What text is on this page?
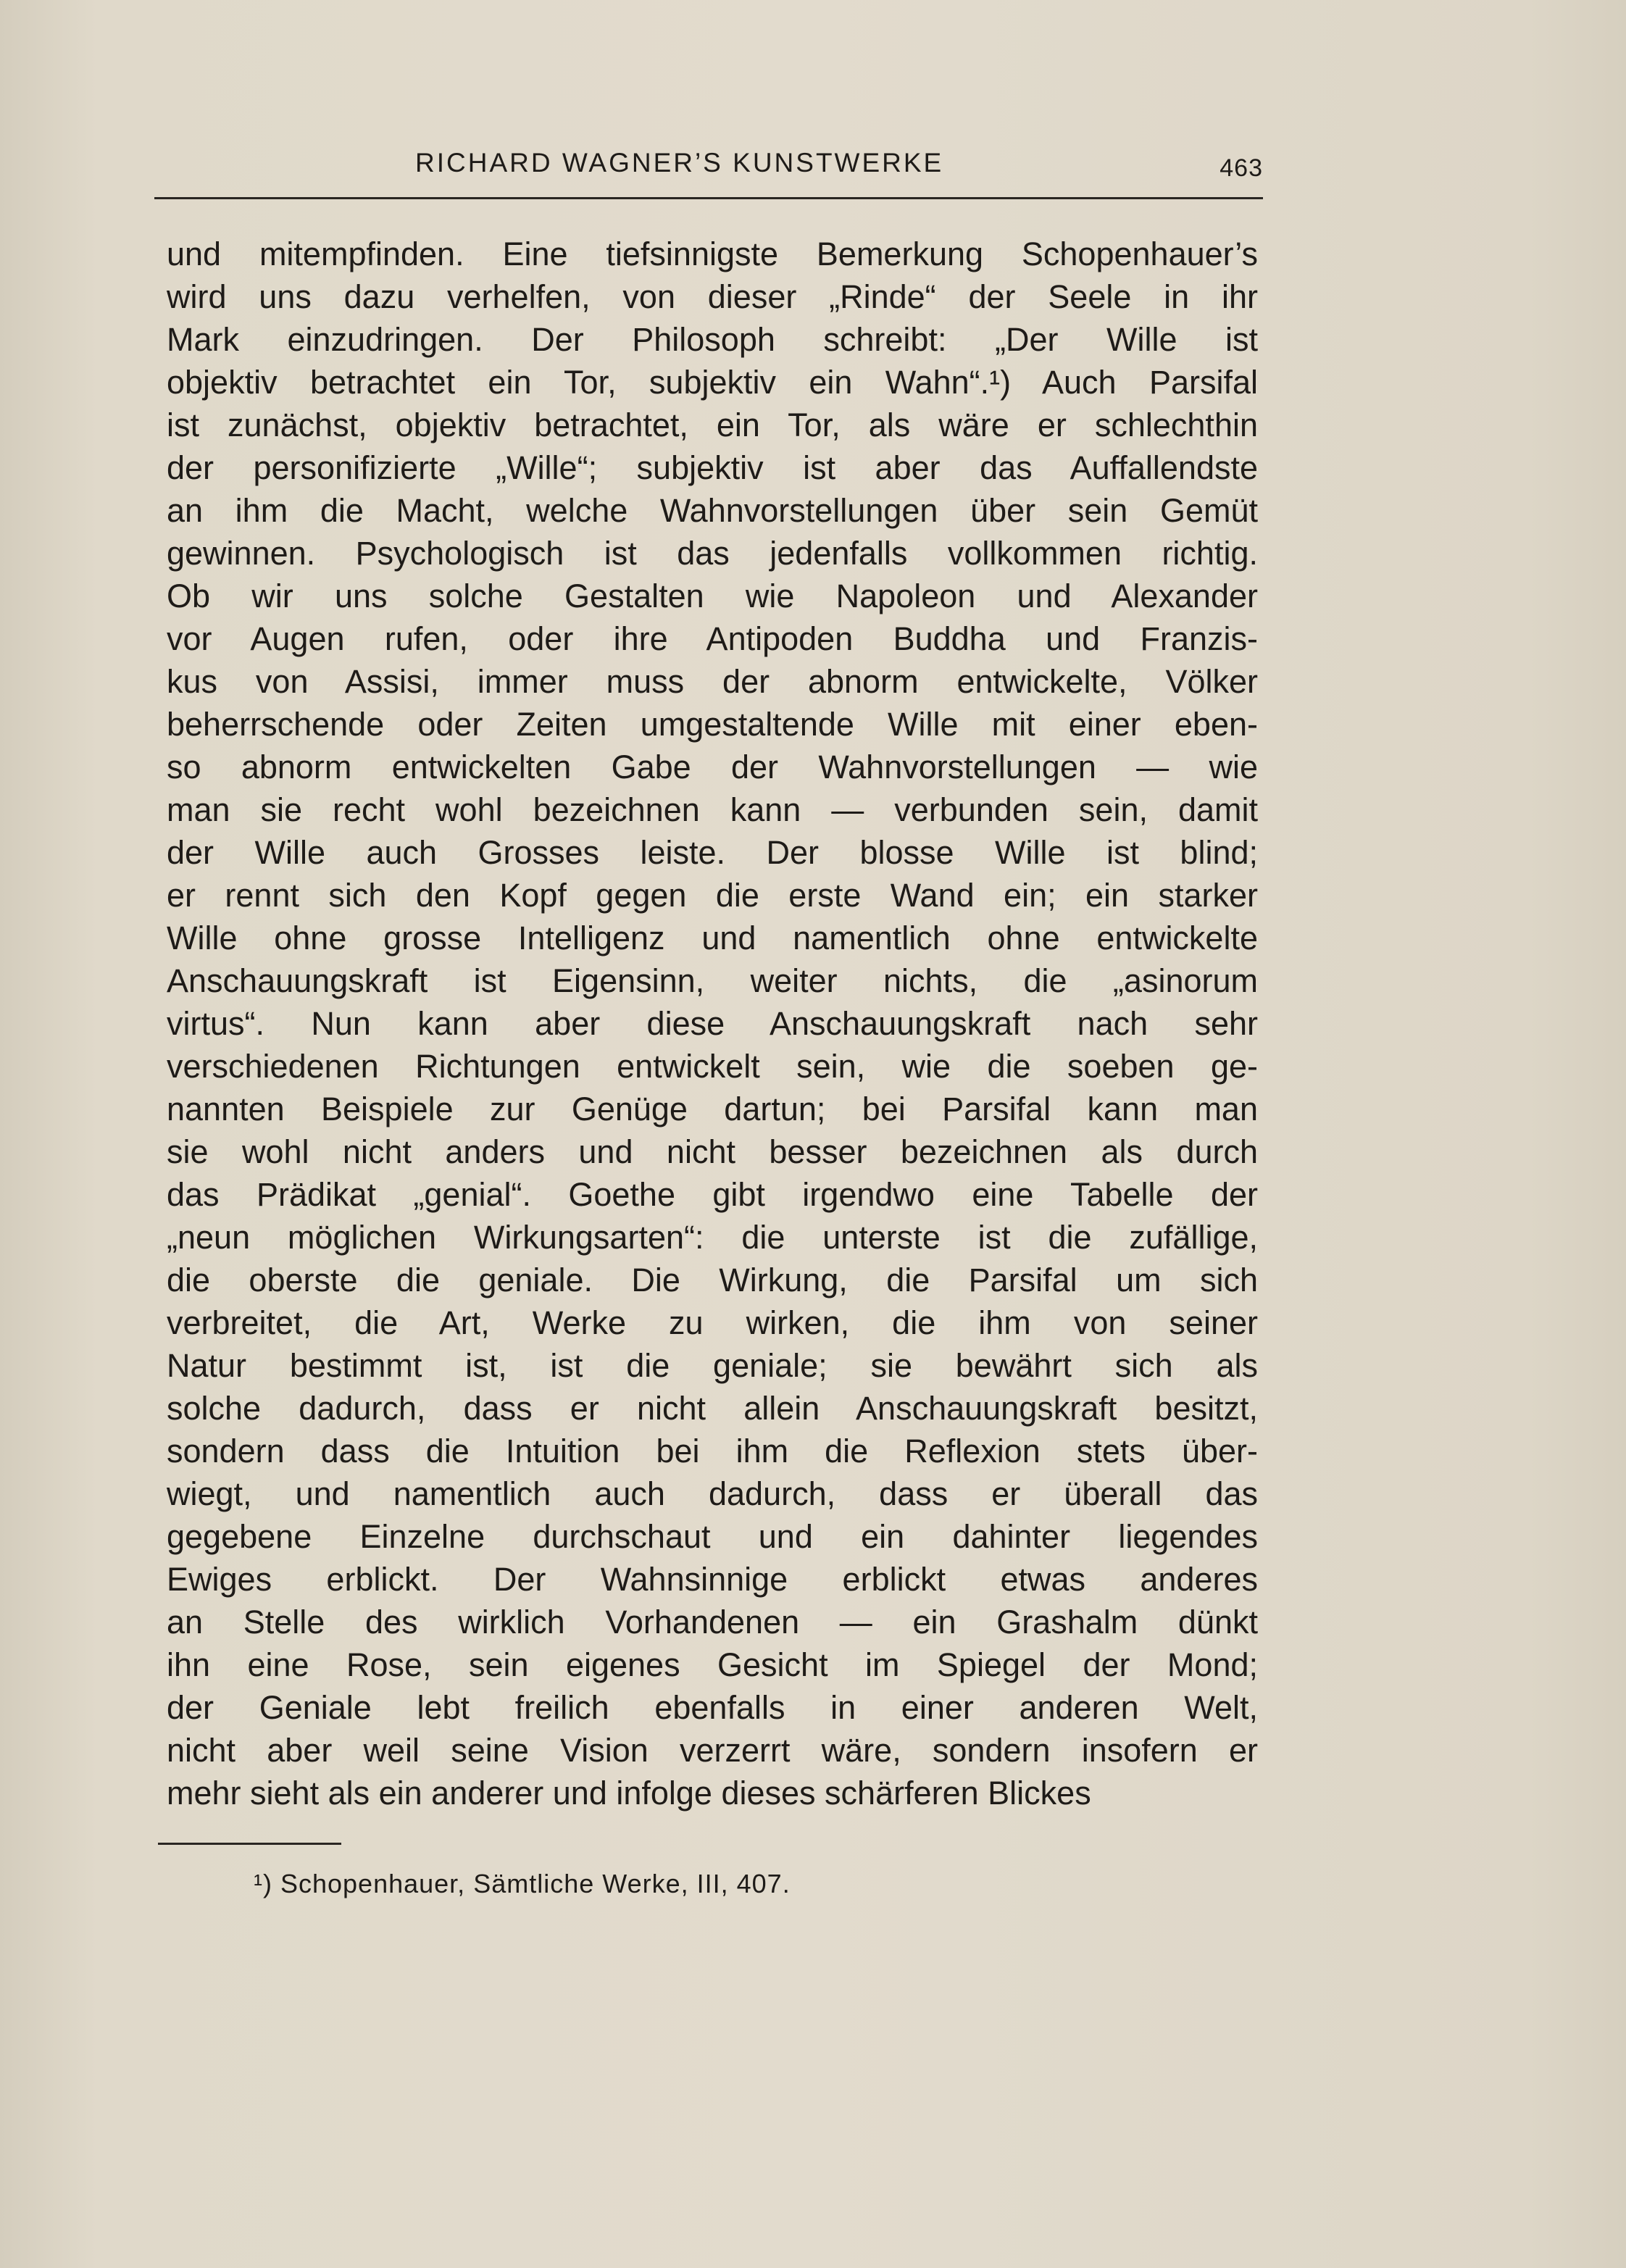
RICHARD WAGNER’S KUNSTWERKE	463
und mitempfinden. Eine tiefsinnigste Bemerkung Schopenhauer’s
wird uns dazu verhelfen, von dieser „Rinde“ der Seele in ihr
Mark einzudringen. Der Philosoph schreibt: „Der Wille ist
objektiv betrachtet ein Tor, subjektiv ein Wahn“.¹) Auch Parsifal
ist zunächst, objektiv betrachtet, ein Tor, als wäre er schlechthin
der personifizierte „Wille“; subjektiv ist aber das Auffallendste
an ihm die Macht, welche Wahnvorstellungen über sein Gemüt
gewinnen. Psychologisch ist das jedenfalls vollkommen richtig.
Ob wir uns solche Gestalten wie Napoleon und Alexander
vor Augen rufen, oder ihre Antipoden Buddha und Franzis-
kus von Assisi, immer muss der abnorm entwickelte, Völker
beherrschende oder Zeiten umgestaltende Wille mit einer eben-
so abnorm entwickelten Gabe der Wahnvorstellungen — wie
man sie recht wohl bezeichnen kann — verbunden sein, damit
der Wille auch Grosses leiste. Der blosse Wille ist blind;
er rennt sich den Kopf gegen die erste Wand ein; ein starker
Wille ohne grosse Intelligenz und namentlich ohne entwickelte
Anschauungskraft ist Eigensinn, weiter nichts, die „asinorum
virtus“. Nun kann aber diese Anschauungskraft nach sehr
verschiedenen Richtungen entwickelt sein, wie die soeben ge-
nannten Beispiele zur Genüge dartun; bei Parsifal kann man
sie wohl nicht anders und nicht besser bezeichnen als durch
das Prädikat „genial“. Goethe gibt irgendwo eine Tabelle der
„neun möglichen Wirkungsarten“: die unterste ist die zufällige,
die oberste die geniale. Die Wirkung, die Parsifal um sich
verbreitet, die Art, Werke zu wirken, die ihm von seiner
Natur bestimmt ist, ist die geniale; sie bewährt sich als
solche dadurch, dass er nicht allein Anschauungskraft besitzt,
sondern dass die Intuition bei ihm die Reflexion stets über-
wiegt, und namentlich auch dadurch, dass er überall das
gegebene Einzelne durchschaut und ein dahinter liegendes
Ewiges erblickt. Der Wahnsinnige erblickt etwas anderes
an Stelle des wirklich Vorhandenen — ein Grashalm dünkt
ihn eine Rose, sein eigenes Gesicht im Spiegel der Mond;
der Geniale lebt freilich ebenfalls in einer anderen Welt,
nicht aber weil seine Vision verzerrt wäre, sondern insofern er
mehr sieht als ein anderer und infolge dieses schärferen Blickes
¹) Schopenhauer, Sämtliche Werke, III, 407.
